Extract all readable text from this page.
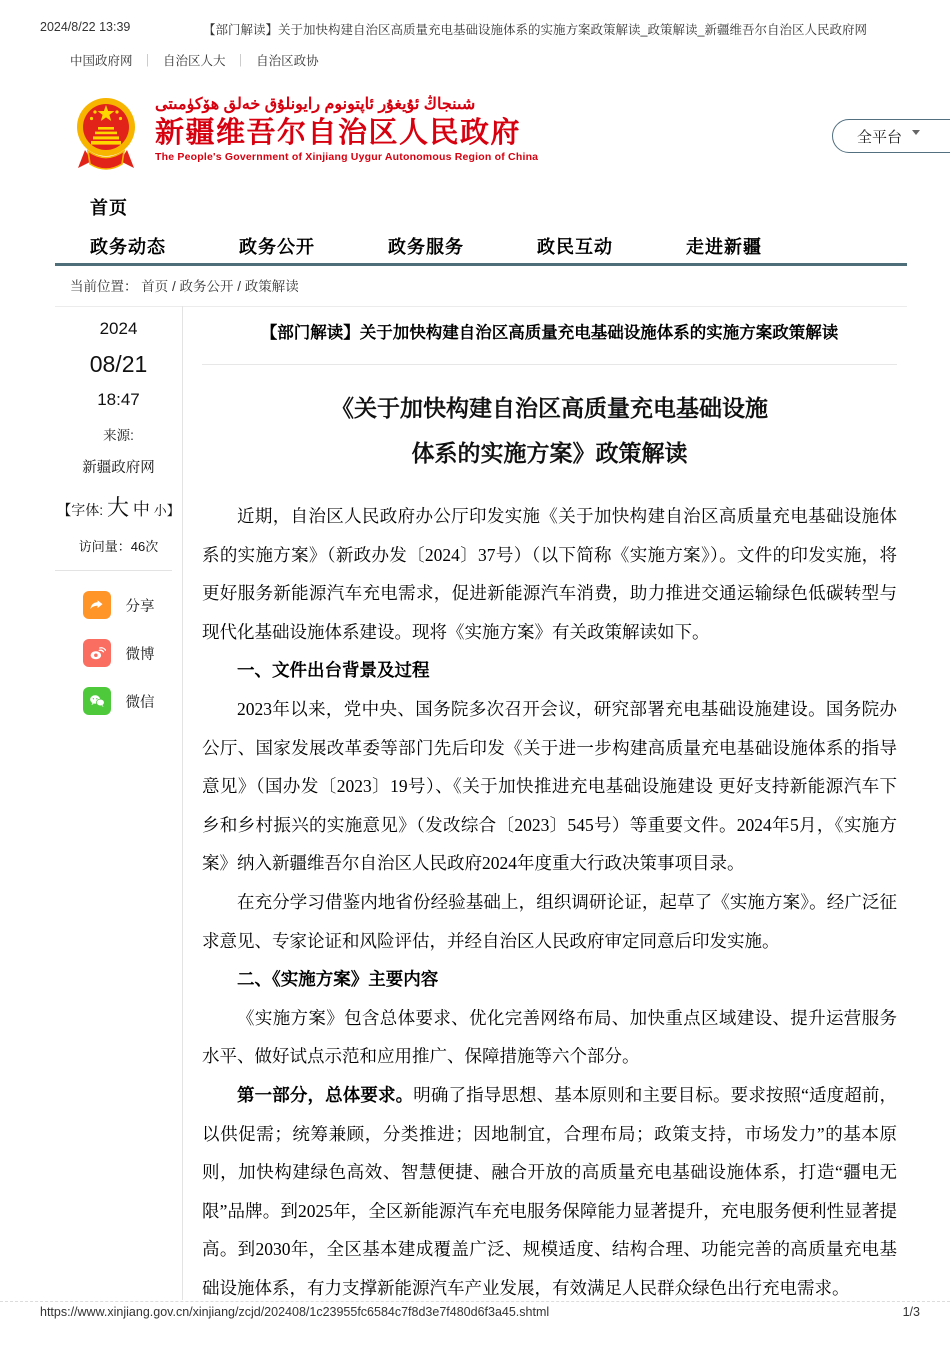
2024/8/22 13:39	【部门解读】关于加快构建自治区高质量充电基础设施体系的实施方案政策解读_政策解读_新疆维吾尔自治区人民政府网
中国政府网 ｜ 自治区人大 ｜ 自治区政协
شىنجاڭ ئۇيغۇر ئاپتونوم رايونلۇق خەلق ھۆكۈمىتى
新疆维吾尔自治区人民政府
The People's Government of Xinjiang Uygur Autonomous Region of China
全平台
首页
政务动态	政务公开	政务服务	政民互动	走进新疆
当前位置： 首页 / 政务公开 / 政策解读
2024
08/21
18:47
来源:
新疆政府网
【字体: 大 中 小】
访问量：46次
分享
微博
微信
【部门解读】关于加快构建自治区高质量充电基础设施体系的实施方案政策解读
《关于加快构建自治区高质量充电基础设施
体系的实施方案》政策解读

近期，自治区人民政府办公厅印发实施《关于加快构建自治区高质量充电基础设施体系的实施方案》（新政办发〔2024〕37号）（以下简称《实施方案》）。文件的印发实施，将更好服务新能源汽车充电需求，促进新能源汽车消费，助力推进交通运输绿色低碳转型与现代化基础设施体系建设。现将《实施方案》有关政策解读如下。

一、文件出台背景及过程

2023年以来，党中央、国务院多次召开会议，研究部署充电基础设施建设。国务院办公厅、国家发展改革委等部门先后印发《关于进一步构建高质量充电基础设施体系的指导意见》（国办发〔2023〕19号）、《关于加快推进充电基础设施建设 更好支持新能源汽车下乡和乡村振兴的实施意见》（发改综合〔2023〕545号）等重要文件。2024年5月，《实施方案》纳入新疆维吾尔自治区人民政府2024年度重大行政决策事项目录。

在充分学习借鉴内地省份经验基础上，组织调研论证，起草了《实施方案》。经广泛征求意见、专家论证和风险评估，并经自治区人民政府审定同意后印发实施。

二、《实施方案》主要内容

《实施方案》包含总体要求、优化完善网络布局、加快重点区域建设、提升运营服务水平、做好试点示范和应用推广、保障措施等六个部分。

第一部分，总体要求。明确了指导思想、基本原则和主要目标。要求按照“适度超前，以供促需；统筹兼顾，分类推进；因地制宜，合理布局；政策支持，市场发力”的基本原则，加快构建绿色高效、智慧便捷、融合开放的高质量充电基础设施体系，打造“疆电无限”品牌。到2025年，全区新能源汽车充电服务保障能力显著提升，充电服务便利性显著提高。到2030年，全区基本建成覆盖广泛、规模适度、结构合理、功能完善的高质量充电基础设施体系，有力支撑新能源汽车产业发展，有效满足人民群众绿色出行充电需求。

https://www.xinjiang.gov.cn/xinjiang/zcjd/202408/1c23955fc6584c7f8d3e7f480d6f3a45.shtml	1/3
